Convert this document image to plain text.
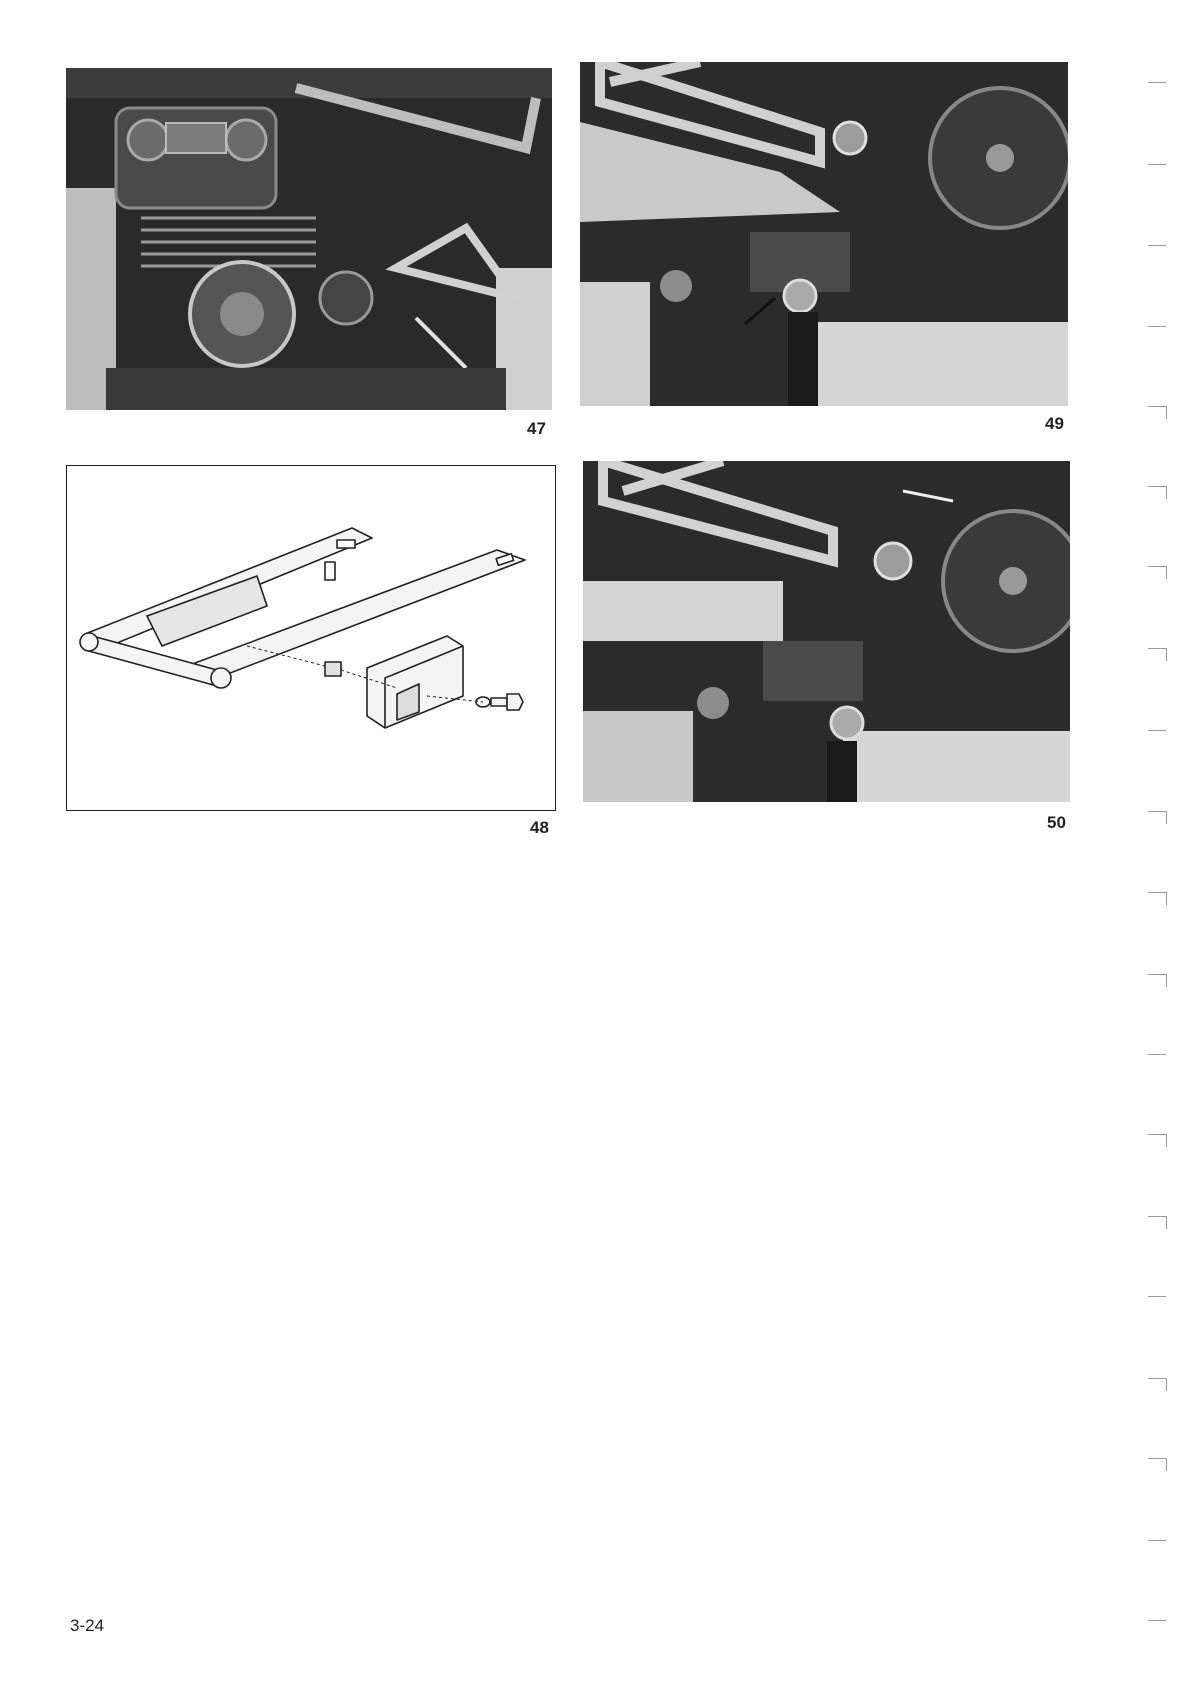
47
48
49
50
3-24
